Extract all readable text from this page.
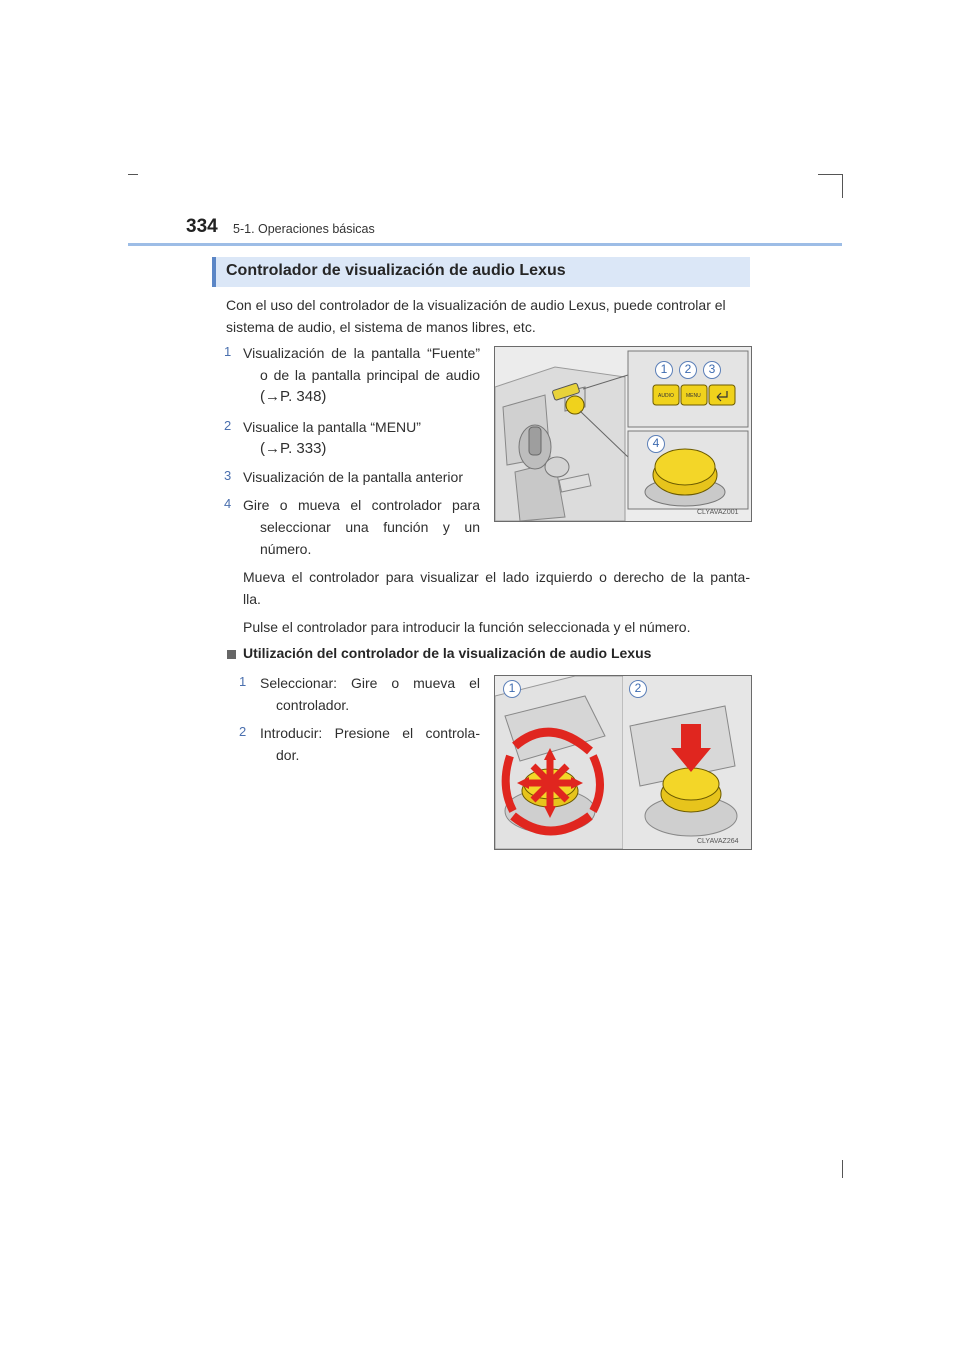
334 5-1. Operaciones básicas
Controlador de visualización de audio Lexus
Con el uso del controlador de la visualización de audio Lexus, puede controlar el
sistema de audio, el sistema de manos libres, etc.
1 Visualización de la pantalla “Fuente”
o de la pantalla principal de audio
(→P. 348)
2 Visualice la pantalla “MENU”
(→P. 333)
3 Visualización de la pantalla anterior
4 Gire o mueva el controlador para
seleccionar una función y un
número.
CLYAVAZ001
AUDIO MENU
1	2	3
4
Mueva el controlador para visualizar el lado izquierdo o derecho de la panta-
lla.
Pulse el controlador para introducir la función seleccionada y el número.
Utilización del controlador de la visualización de audio Lexus
1 Seleccionar: Gire o mueva el
controlador.
2 Introducir: Presione el controla-
dor.
CLYAVAZ264
1	2
